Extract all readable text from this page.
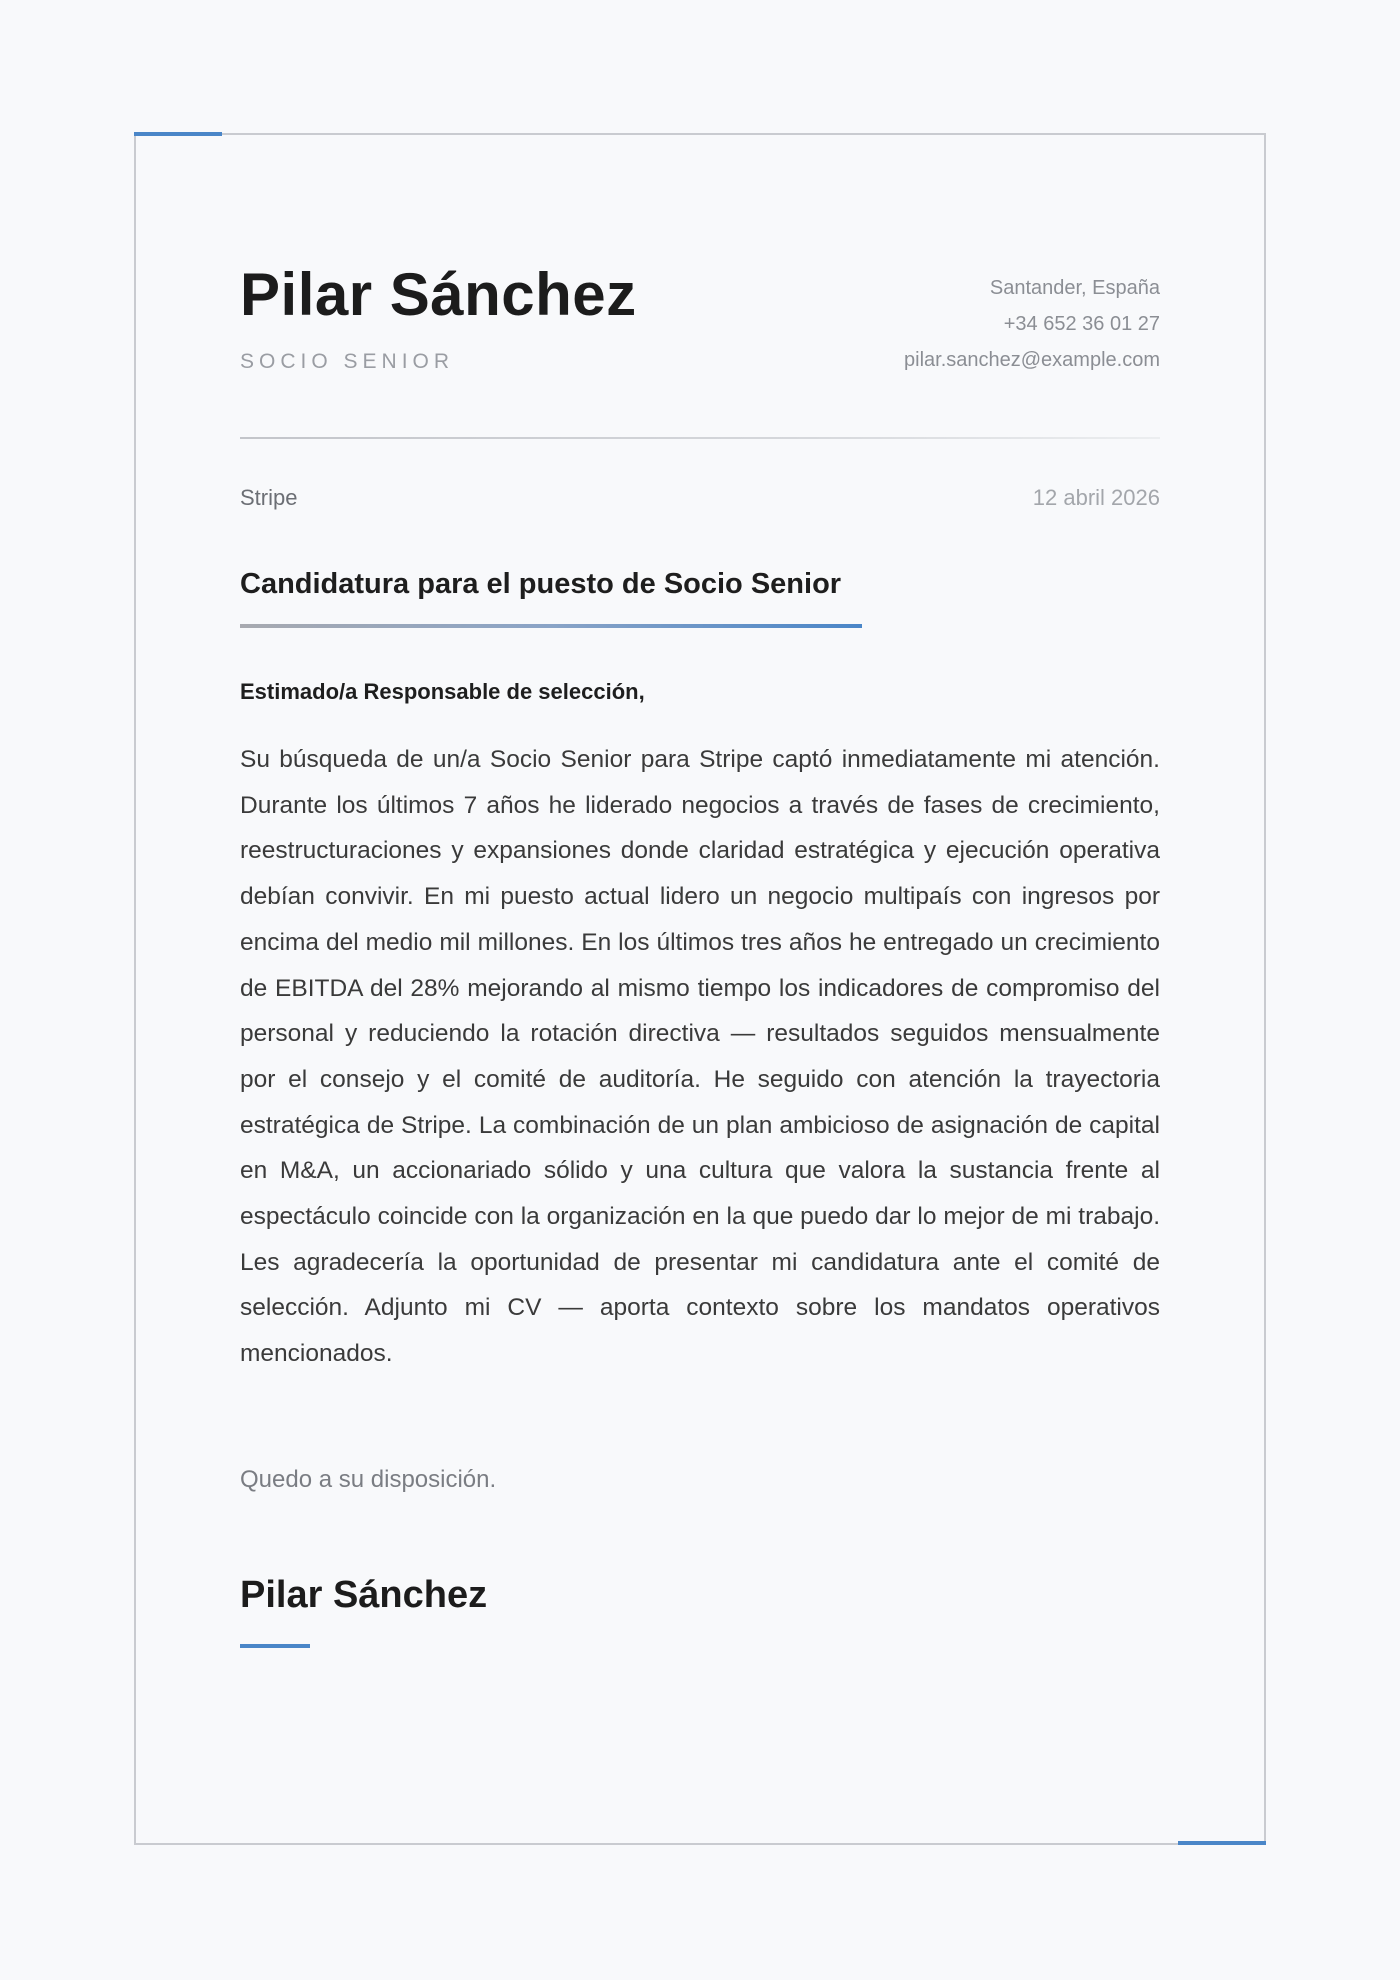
Pilar Sánchez
SOCIO SENIOR
Santander, España
+34 652 36 01 27
pilar.sanchez@example.com
Stripe	12 abril 2026
Candidatura para el puesto de Socio Senior
Estimado/a Responsable de selección,

Su búsqueda de un/a Socio Senior para Stripe captó inmediatamente mi atención. Durante los últimos 7 años he liderado negocios a través de fases de crecimiento, reestructuraciones y expansiones donde claridad estratégica y ejecución operativa debían convivir. En mi puesto actual lidero un negocio multipaís con ingresos por encima del medio mil millones. En los últimos tres años he entregado un crecimiento de EBITDA del 28% mejorando al mismo tiempo los indicadores de compromiso del personal y reduciendo la rotación directiva — resultados seguidos mensualmente por el consejo y el comité de auditoría. He seguido con atención la trayectoria estratégica de Stripe. La combinación de un plan ambicioso de asignación de capital en M&A, un accionariado sólido y una cultura que valora la sustancia frente al espectáculo coincide con la organización en la que puedo dar lo mejor de mi trabajo. Les agradecería la oportunidad de presentar mi candidatura ante el comité de selección. Adjunto mi CV — aporta contexto sobre los mandatos operativos mencionados.

Quedo a su disposición.
Pilar Sánchez
